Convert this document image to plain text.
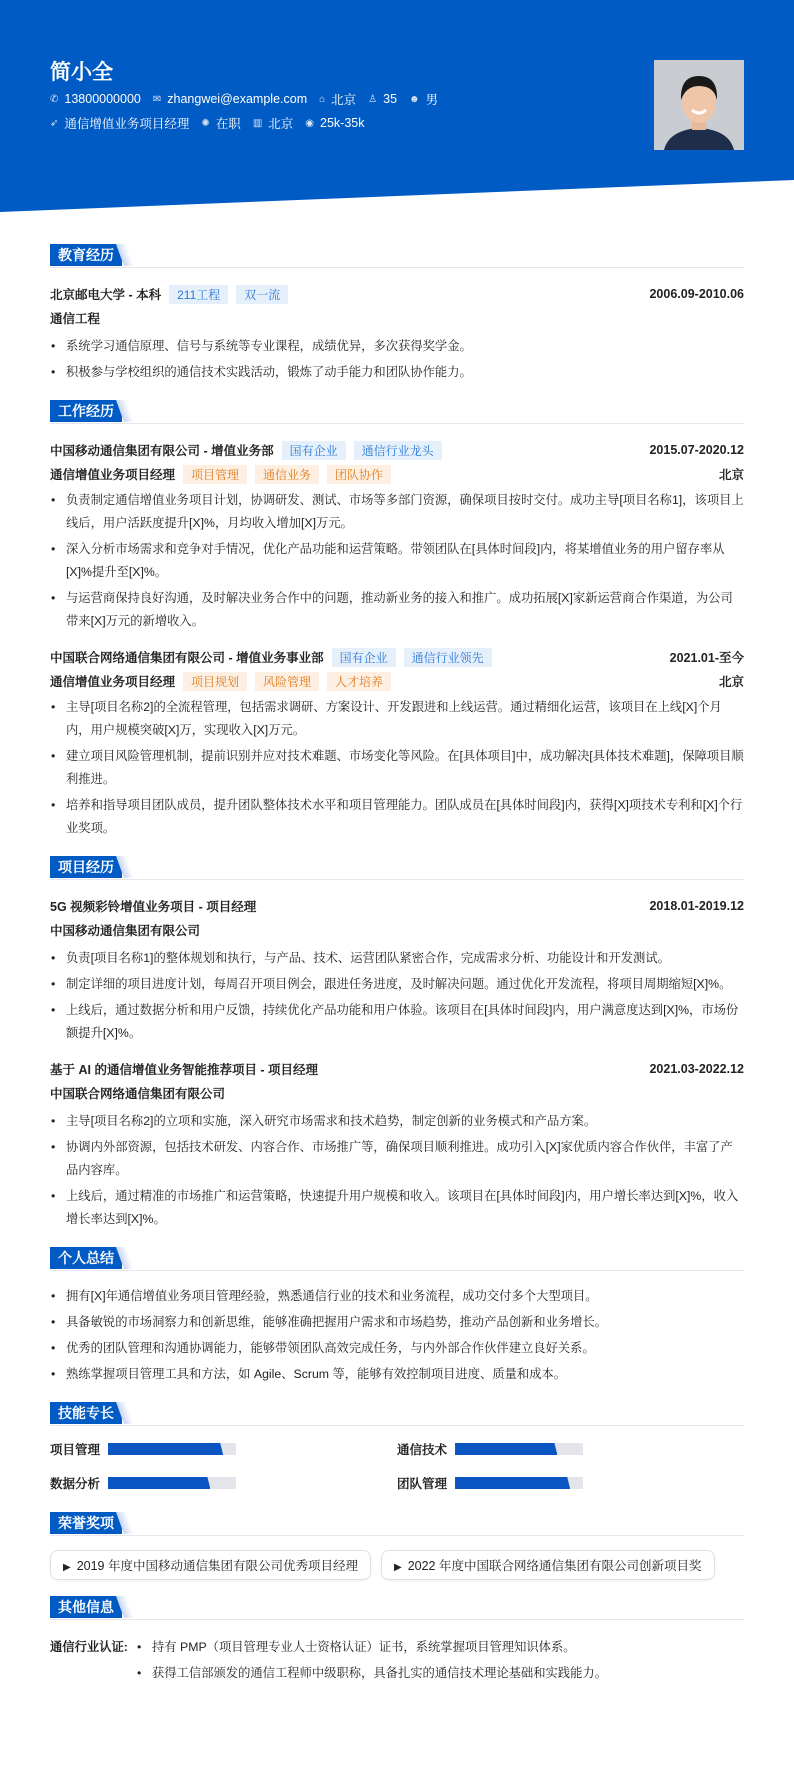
简小全
✆ 13800000000 ✉ zhangwei@example.com ⌂ 北京 ♙ 35 ☻ 男
➶ 通信增值业务项目经理 ✺ 在职 ▥ 北京 ◉ 25k-35k
教育经历
北京邮电大学 - 本科	211工程	双一流	2006.09-2010.06
通信工程
• 系统学习通信原理、信号与系统等专业课程，成绩优异，多次获得奖学金。
• 积极参与学校组织的通信技术实践活动，锻炼了动手能力和团队协作能力。
工作经历
中国移动通信集团有限公司 - 增值业务部	国有企业	通信行业龙头	2015.07-2020.12
通信增值业务项目经理	项目管理	通信业务	团队协作	北京
• 负责制定通信增值业务项目计划，协调研发、测试、市场等多部门资源，确保项目按时交付。成功主导[项目名称1]，该项目上线后，用户活跃度提升[X]%，月均收入增加[X]万元。
• 深入分析市场需求和竞争对手情况，优化产品功能和运营策略。带领团队在[具体时间段]内，将某增值业务的用户留存率从[X]%提升至[X]%。
• 与运营商保持良好沟通，及时解决业务合作中的问题，推动新业务的接入和推广。成功拓展[X]家新运营商合作渠道，为公司带来[X]万元的新增收入。
中国联合网络通信集团有限公司 - 增值业务事业部	国有企业	通信行业领先	2021.01-至今
通信增值业务项目经理	项目规划	风险管理	人才培养	北京
• 主导[项目名称2]的全流程管理，包括需求调研、方案设计、开发跟进和上线运营。通过精细化运营，该项目在上线[X]个月内，用户规模突破[X]万，实现收入[X]万元。
• 建立项目风险管理机制，提前识别并应对技术难题、市场变化等风险。在[具体项目]中，成功解决[具体技术难题]，保障项目顺利推进。
• 培养和指导项目团队成员，提升团队整体技术水平和项目管理能力。团队成员在[具体时间段]内，获得[X]项技术专利和[X]个行业奖项。
项目经历
5G 视频彩铃增值业务项目 - 项目经理	2018.01-2019.12
中国移动通信集团有限公司
• 负责[项目名称1]的整体规划和执行，与产品、技术、运营团队紧密合作，完成需求分析、功能设计和开发测试。
• 制定详细的项目进度计划，每周召开项目例会，跟进任务进度，及时解决问题。通过优化开发流程，将项目周期缩短[X]%。
• 上线后，通过数据分析和用户反馈，持续优化产品功能和用户体验。该项目在[具体时间段]内，用户满意度达到[X]%，市场份额提升[X]%。
基于 AI 的通信增值业务智能推荐项目 - 项目经理	2021.03-2022.12
中国联合网络通信集团有限公司
• 主导[项目名称2]的立项和实施，深入研究市场需求和技术趋势，制定创新的业务模式和产品方案。
• 协调内外部资源，包括技术研发、内容合作、市场推广等，确保项目顺利推进。成功引入[X]家优质内容合作伙伴，丰富了产品内容库。
• 上线后，通过精准的市场推广和运营策略，快速提升用户规模和收入。该项目在[具体时间段]内，用户增长率达到[X]%，收入增长率达到[X]%。
个人总结
• 拥有[X]年通信增值业务项目管理经验，熟悉通信行业的技术和业务流程，成功交付多个大型项目。
• 具备敏锐的市场洞察力和创新思维，能够准确把握用户需求和市场趋势，推动产品创新和业务增长。
• 优秀的团队管理和沟通协调能力，能够带领团队高效完成任务，与内外部合作伙伴建立良好关系。
• 熟练掌握项目管理工具和方法，如 Agile、Scrum 等，能够有效控制项目进度、质量和成本。
技能专长
项目管理	通信技术
数据分析	团队管理
荣誉奖项
▶ 2019 年度中国移动通信集团有限公司优秀项目经理	▶ 2022 年度中国联合网络通信集团有限公司创新项目奖
其他信息
通信行业认证:	• 持有 PMP（项目管理专业人士资格认证）证书，系统掌握项目管理知识体系。
• 获得工信部颁发的通信工程师中级职称，具备扎实的通信技术理论基础和实践能力。
